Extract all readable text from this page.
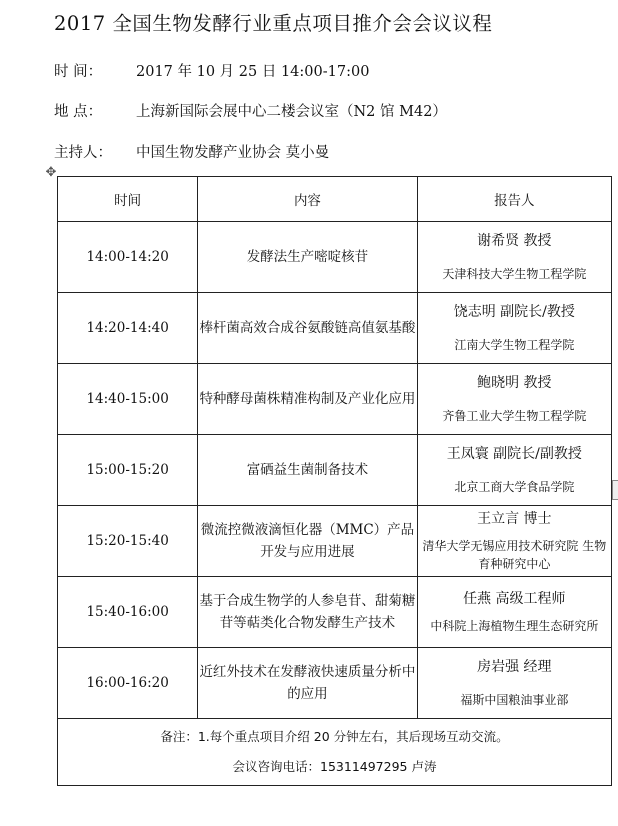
2017 全国生物发酵行业重点项目推介会会议议程
时 间： 2017 年 10 月 25 日 14:00-17:00
地 点： 上海新国际会展中心二楼会议室（N2 馆 M42）
主持人： 中国生物发酵产业协会 莫小曼
✥
时间	内容	报告人
14:00-14:20	发酵法生产嘧啶核苷	谢希贤 教授
天津科技大学生物工程学院

14:20-14:40	棒杆菌高效合成谷氨酸链高值氨基酸	饶志明 副院长/教授
江南大学生物工程学院

14:40-15:00	特种酵母菌株精准构制及产业化应用	鲍晓明 教授
齐鲁工业大学生物工程学院

15:00-15:20	富硒益生菌制备技术	王凤寰 副院长/副教授
北京工商大学食品学院

15:20-15:40	微流控微液滴恒化器（MMC）产品开发与应用进展	王立言 博士
清华大学无锡应用技术研究院 生物育种研究中心

15:40-16:00	基于合成生物学的人参皂苷、甜菊糖苷等萜类化合物发酵生产技术	任燕 高级工程师
中科院上海植物生理生态研究所

16:00-16:20	近红外技术在发酵液快速质量分析中的应用	房岩强 经理
福斯中国粮油事业部

备注：1.每个重点项目介绍 20 分钟左右，其后现场互动交流。
会议咨询电话：15311497295 卢涛		
